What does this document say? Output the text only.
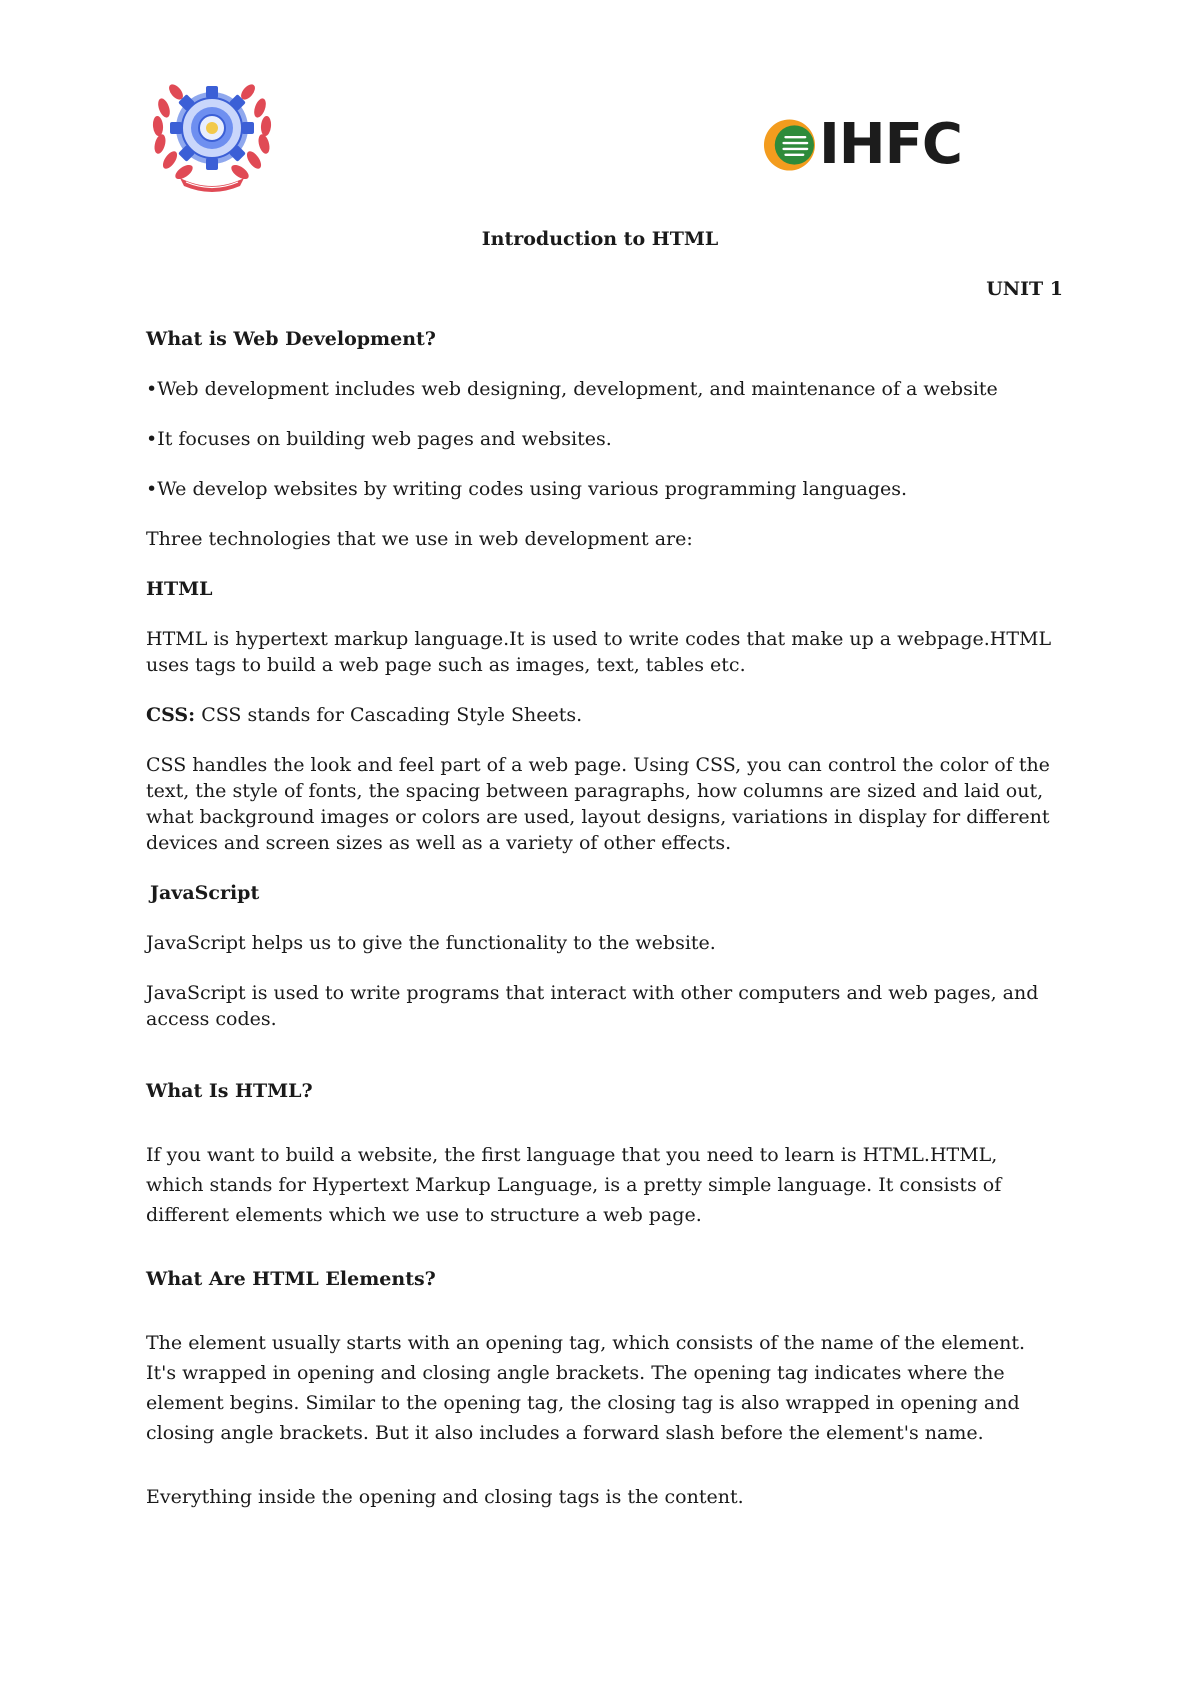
IHFC
Introduction to HTML
UNIT 1

What is Web Development?

•Web development includes web designing, development, and maintenance of a website

•It focuses on building web pages and websites.

•We develop websites by writing codes using various programming languages.

Three technologies that we use in web development are:

HTML

HTML is hypertext markup language.It is used to write codes that make up a webpage.HTML uses tags to build a web page such as images, text, tables etc.

CSS: CSS stands for Cascading Style Sheets.

CSS handles the look and feel part of a web page. Using CSS, you can control the color of the text, the style of fonts, the spacing between paragraphs, how columns are sized and laid out, what background images or colors are used, layout designs, variations in display for different devices and screen sizes as well as a variety of other effects.

JavaScript

JavaScript helps us to give the functionality to the website.

JavaScript is used to write programs that interact with other computers and web pages, and access codes.

What Is HTML?

If you want to build a website, the first language that you need to learn is HTML.HTML, which stands for Hypertext Markup Language, is a pretty simple language. It consists of different elements which we use to structure a web page.

What Are HTML Elements?

The element usually starts with an opening tag, which consists of the name of the element. It's wrapped in opening and closing angle brackets. The opening tag indicates where the element begins. Similar to the opening tag, the closing tag is also wrapped in opening and closing angle brackets. But it also includes a forward slash before the element's name.

Everything inside the opening and closing tags is the content.
